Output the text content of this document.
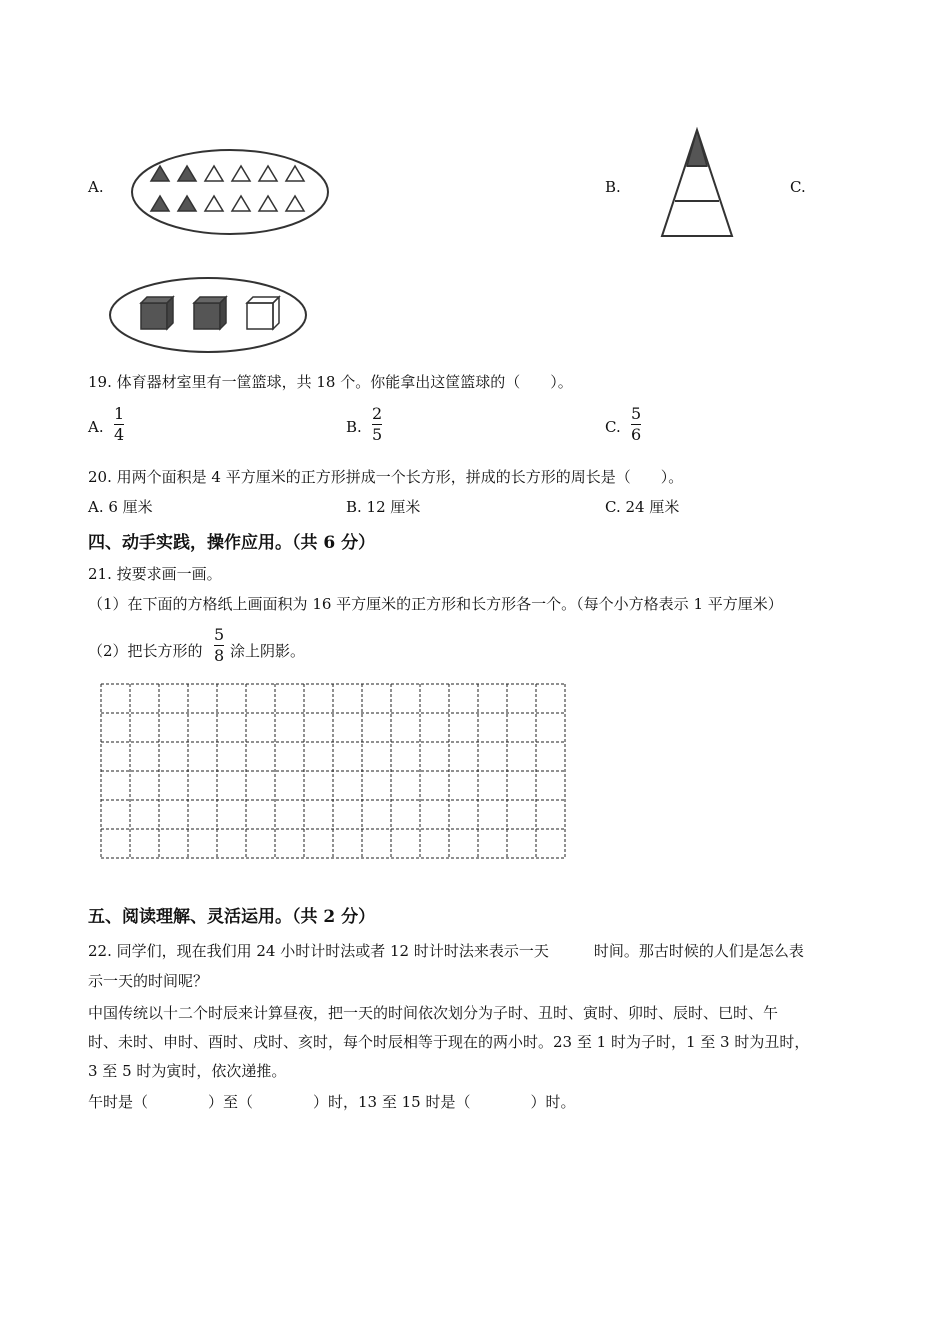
A.	B.	C.
19. 体育器材室里有一筐篮球，共 18 个。你能拿出这筐篮球的（　　）。
A.
1
4	B.
2
5	C.
5
6
20. 用两个面积是 4 平方厘米的正方形拼成一个长方形，拼成的长方形的周长是（　　）。
A. 6 厘米	B. 12 厘米	C. 24 厘米
四、动手实践，操作应用。（共 6 分）
21. 按要求画一画。
（1）在下面的方格纸上画面积为 16 平方厘米的正方形和长方形各一个。（每个小方格表示 1 平方厘米）
（2）把长方形的
5
8 涂上阴影。
五、阅读理解、灵活运用。（共 2 分）
22. 同学们，现在我们用 24 小时计时法或者 12 时计时法来表示一天　　　时间。那古时候的人们是怎么表
示一天的时间呢？
中国传统以十二个时辰来计算昼夜，把一天的时间依次划分为子时、丑时、寅时、卯时、辰时、巳时、午
时、未时、申时、酉时、戌时、亥时，每个时辰相等于现在的两小时。23 至 1 时为子时，1 至 3 时为丑时，
3 至 5 时为寅时，依次递推。
午时是（　　　　）至（　　　　）时，13 至 15 时是（　　　　）时。
